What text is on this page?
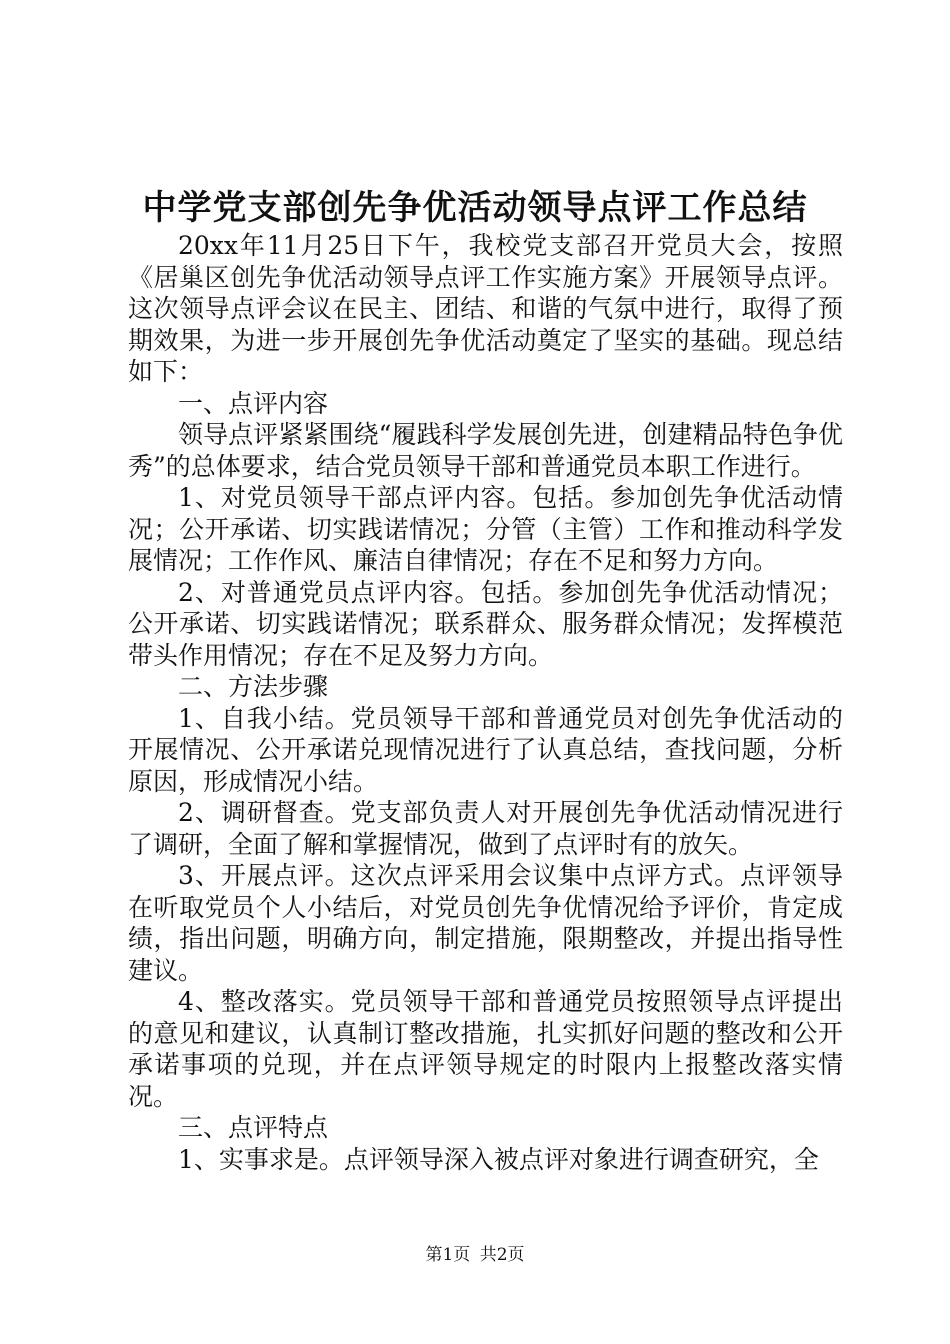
中学党支部创先争优活动领导点评工作总结

20xx年11月25日下午，我校党支部召开党员大会，按照《居巢区创先争优活动领导点评工作实施方案》开展领导点评。这次领导点评会议在民主、团结、和谐的气氛中进行，取得了预期效果，为进一步开展创先争优活动奠定了坚实的基础。现总结如下：

一、点评内容

领导点评紧紧围绕“履践科学发展创先进，创建精品特色争优秀”的总体要求，结合党员领导干部和普通党员本职工作进行。

1、对党员领导干部点评内容。包括。参加创先争优活动情况；公开承诺、切实践诺情况；分管（主管）工作和推动科学发展情况；工作作风、廉洁自律情况；存在不足和努力方向。

2、对普通党员点评内容。包括。参加创先争优活动情况；公开承诺、切实践诺情况；联系群众、服务群众情况；发挥模范带头作用情况；存在不足及努力方向。

二、方法步骤

1、自我小结。党员领导干部和普通党员对创先争优活动的开展情况、公开承诺兑现情况进行了认真总结，查找问题，分析原因，形成情况小结。

2、调研督查。党支部负责人对开展创先争优活动情况进行了调研，全面了解和掌握情况，做到了点评时有的放矢。

3、开展点评。这次点评采用会议集中点评方式。点评领导在听取党员个人小结后，对党员创先争优情况给予评价，肯定成绩，指出问题，明确方向，制定措施，限期整改，并提出指导性建议。

4、整改落实。党员领导干部和普通党员按照领导点评提出的意见和建议，认真制订整改措施，扎实抓好问题的整改和公开承诺事项的兑现，并在点评领导规定的时限内上报整改落实情况。

三、点评特点

1、实事求是。点评领导深入被点评对象进行调查研究，全

第1页 共2页
